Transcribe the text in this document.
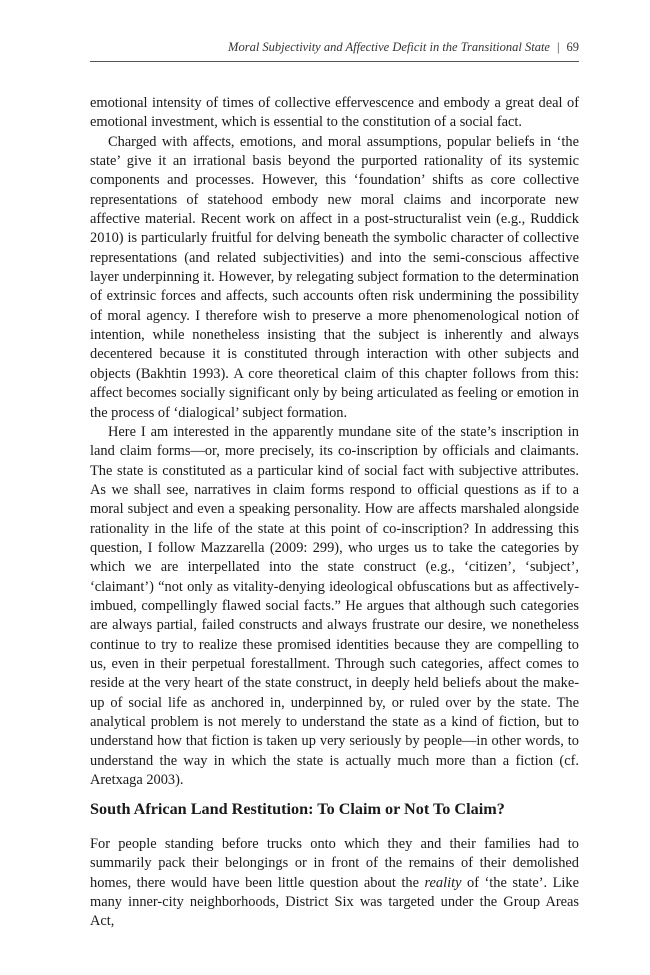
Moral Subjectivity and Affective Deficit in the Transitional State | 69

emotional intensity of times of collective effervescence and embody a great deal of emotional investment, which is essential to the constitution of a social fact.

Charged with affects, emotions, and moral assumptions, popular beliefs in ‘the state’ give it an irrational basis beyond the purported rationality of its systemic components and processes. However, this ‘foundation’ shifts as core collective representations of statehood embody new moral claims and incorporate new affective material. Recent work on affect in a post-structuralist vein (e.g., Ruddick 2010) is particularly fruitful for delving beneath the symbolic character of collective representations (and related subjectivities) and into the semi-conscious affective layer underpinning it. However, by relegating subject formation to the determination of extrinsic forces and affects, such accounts often risk undermining the possibility of moral agency. I therefore wish to preserve a more phenomenological notion of intention, while nonetheless insisting that the subject is inherently and always decentered because it is constituted through interaction with other subjects and objects (Bakhtin 1993). A core theoretical claim of this chapter follows from this: affect becomes socially significant only by being articulated as feeling or emotion in the process of ‘dialogical’ subject formation.

Here I am interested in the apparently mundane site of the state’s inscription in land claim forms—or, more precisely, its co-inscription by officials and claimants. The state is constituted as a particular kind of social fact with subjective attributes. As we shall see, narratives in claim forms respond to official questions as if to a moral subject and even a speaking personality. How are affects marshaled alongside rationality in the life of the state at this point of co-inscription? In addressing this question, I follow Mazzarella (2009: 299), who urges us to take the categories by which we are interpellated into the state construct (e.g., ‘citizen’, ‘subject’, ‘claimant’) “not only as vitality-denying ideological obfuscations but as affectively-imbued, compellingly flawed social facts.” He argues that although such categories are always partial, failed constructs and always frustrate our desire, we nonetheless continue to try to realize these promised identities because they are compelling to us, even in their perpetual forestallment. Through such categories, affect comes to reside at the very heart of the state construct, in deeply held beliefs about the make-up of social life as anchored in, underpinned by, or ruled over by the state. The analytical problem is not merely to understand the state as a kind of fiction, but to understand how that fiction is taken up very seriously by people—in other words, to understand the way in which the state is actually much more than a fiction (cf. Aretxaga 2003).

South African Land Restitution: To Claim or Not To Claim?

For people standing before trucks onto which they and their families had to summarily pack their belongings or in front of the remains of their demolished homes, there would have been little question about the reality of ‘the state’. Like many inner-city neighborhoods, District Six was targeted under the Group Areas Act,
